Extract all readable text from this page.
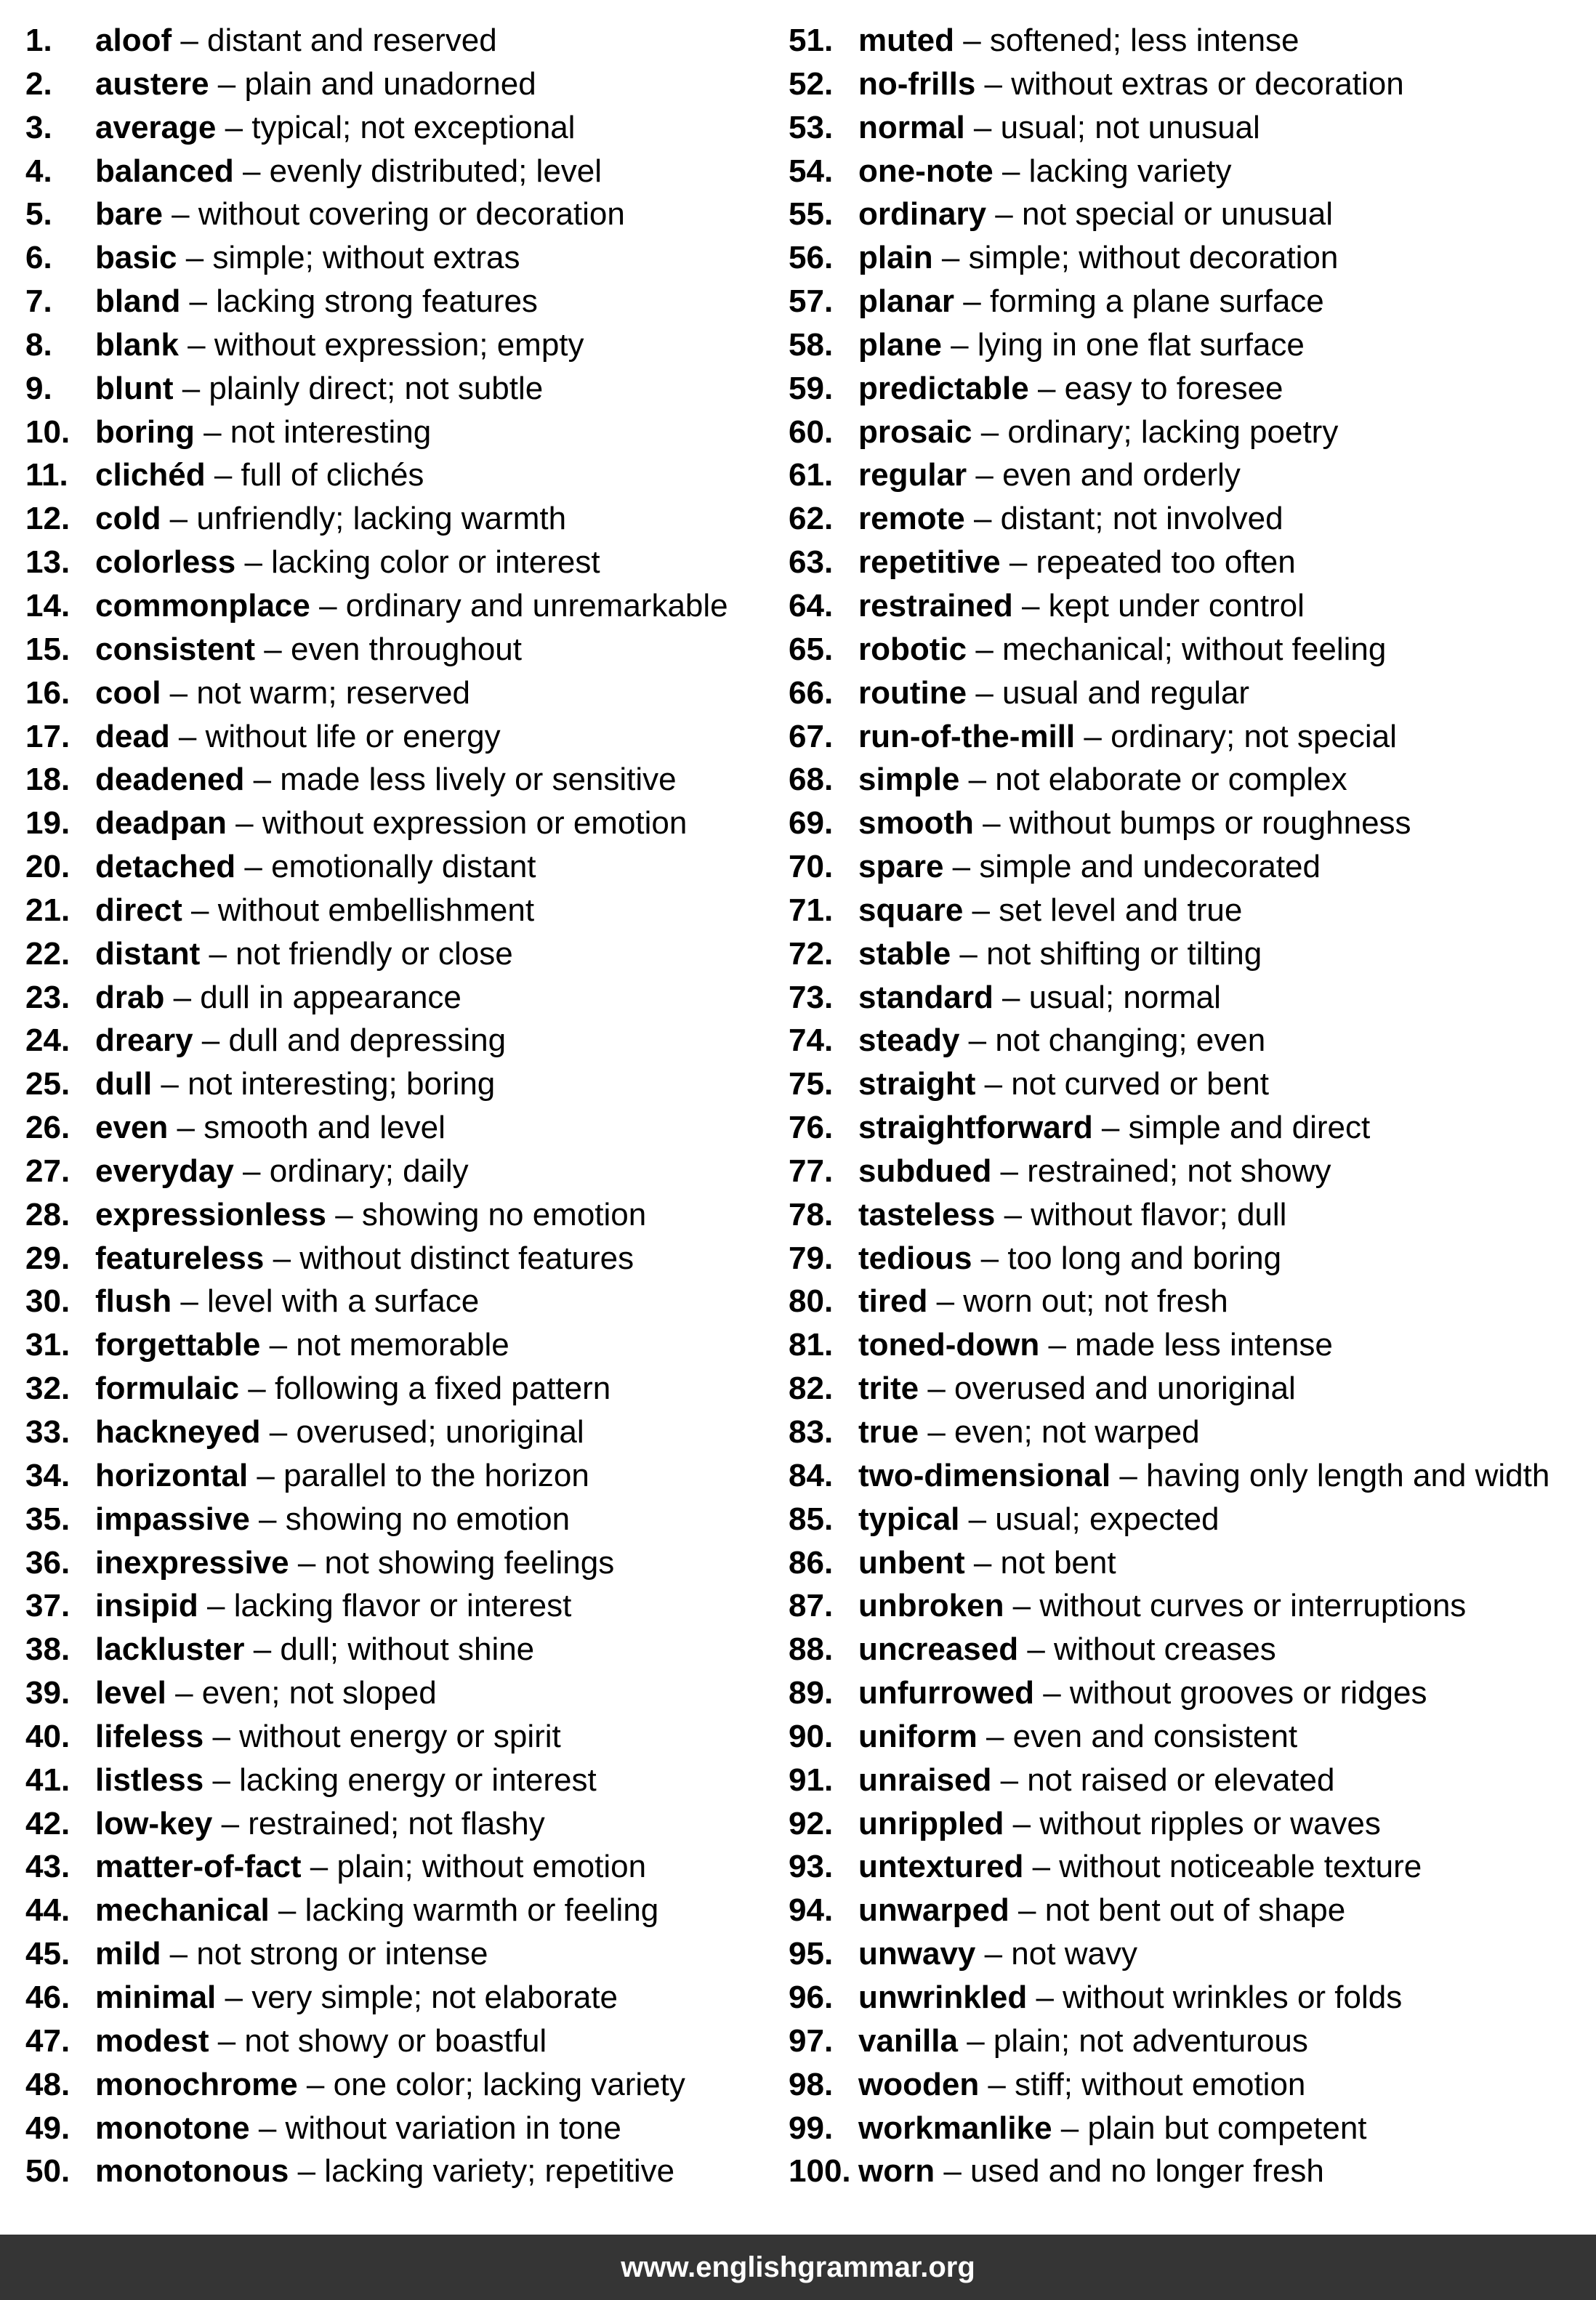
1. aloof – distant and reserved
2. austere – plain and unadorned
3. average – typical; not exceptional
4. balanced – evenly distributed; level
5. bare – without covering or decoration
6. basic – simple; without extras
7. bland – lacking strong features
8. blank – without expression; empty
9. blunt – plainly direct; not subtle
10. boring – not interesting
11. clichéd – full of clichés
12. cold – unfriendly; lacking warmth
13. colorless – lacking color or interest
14. commonplace – ordinary and unremarkable
15. consistent – even throughout
16. cool – not warm; reserved
17. dead – without life or energy
18. deadened – made less lively or sensitive
19. deadpan – without expression or emotion
20. detached – emotionally distant
21. direct – without embellishment
22. distant – not friendly or close
23. drab – dull in appearance
24. dreary – dull and depressing
25. dull – not interesting; boring
26. even – smooth and level
27. everyday – ordinary; daily
28. expressionless – showing no emotion
29. featureless – without distinct features
30. flush – level with a surface
31. forgettable – not memorable
32. formulaic – following a fixed pattern
33. hackneyed – overused; unoriginal
34. horizontal – parallel to the horizon
35. impassive – showing no emotion
36. inexpressive – not showing feelings
37. insipid – lacking flavor or interest
38. lackluster – dull; without shine
39. level – even; not sloped
40. lifeless – without energy or spirit
41. listless – lacking energy or interest
42. low-key – restrained; not flashy
43. matter-of-fact – plain; without emotion
44. mechanical – lacking warmth or feeling
45. mild – not strong or intense
46. minimal – very simple; not elaborate
47. modest – not showy or boastful
48. monochrome – one color; lacking variety
49. monotone – without variation in tone
50. monotonous – lacking variety; repetitive
51. muted – softened; less intense
52. no-frills – without extras or decoration
53. normal – usual; not unusual
54. one-note – lacking variety
55. ordinary – not special or unusual
56. plain – simple; without decoration
57. planar – forming a plane surface
58. plane – lying in one flat surface
59. predictable – easy to foresee
60. prosaic – ordinary; lacking poetry
61. regular – even and orderly
62. remote – distant; not involved
63. repetitive – repeated too often
64. restrained – kept under control
65. robotic – mechanical; without feeling
66. routine – usual and regular
67. run-of-the-mill – ordinary; not special
68. simple – not elaborate or complex
69. smooth – without bumps or roughness
70. spare – simple and undecorated
71. square – set level and true
72. stable – not shifting or tilting
73. standard – usual; normal
74. steady – not changing; even
75. straight – not curved or bent
76. straightforward – simple and direct
77. subdued – restrained; not showy
78. tasteless – without flavor; dull
79. tedious – too long and boring
80. tired – worn out; not fresh
81. toned-down – made less intense
82. trite – overused and unoriginal
83. true – even; not warped
84. two-dimensional – having only length and width
85. typical – usual; expected
86. unbent – not bent
87. unbroken – without curves or interruptions
88. uncreased – without creases
89. unfurrowed – without grooves or ridges
90. uniform – even and consistent
91. unraised – not raised or elevated
92. unrippled – without ripples or waves
93. untextured – without noticeable texture
94. unwarped – not bent out of shape
95. unwavy – not wavy
96. unwrinkled – without wrinkles or folds
97. vanilla – plain; not adventurous
98. wooden – stiff; without emotion
99. workmanlike – plain but competent
100. worn – used and no longer fresh
www.englishgrammar.org
